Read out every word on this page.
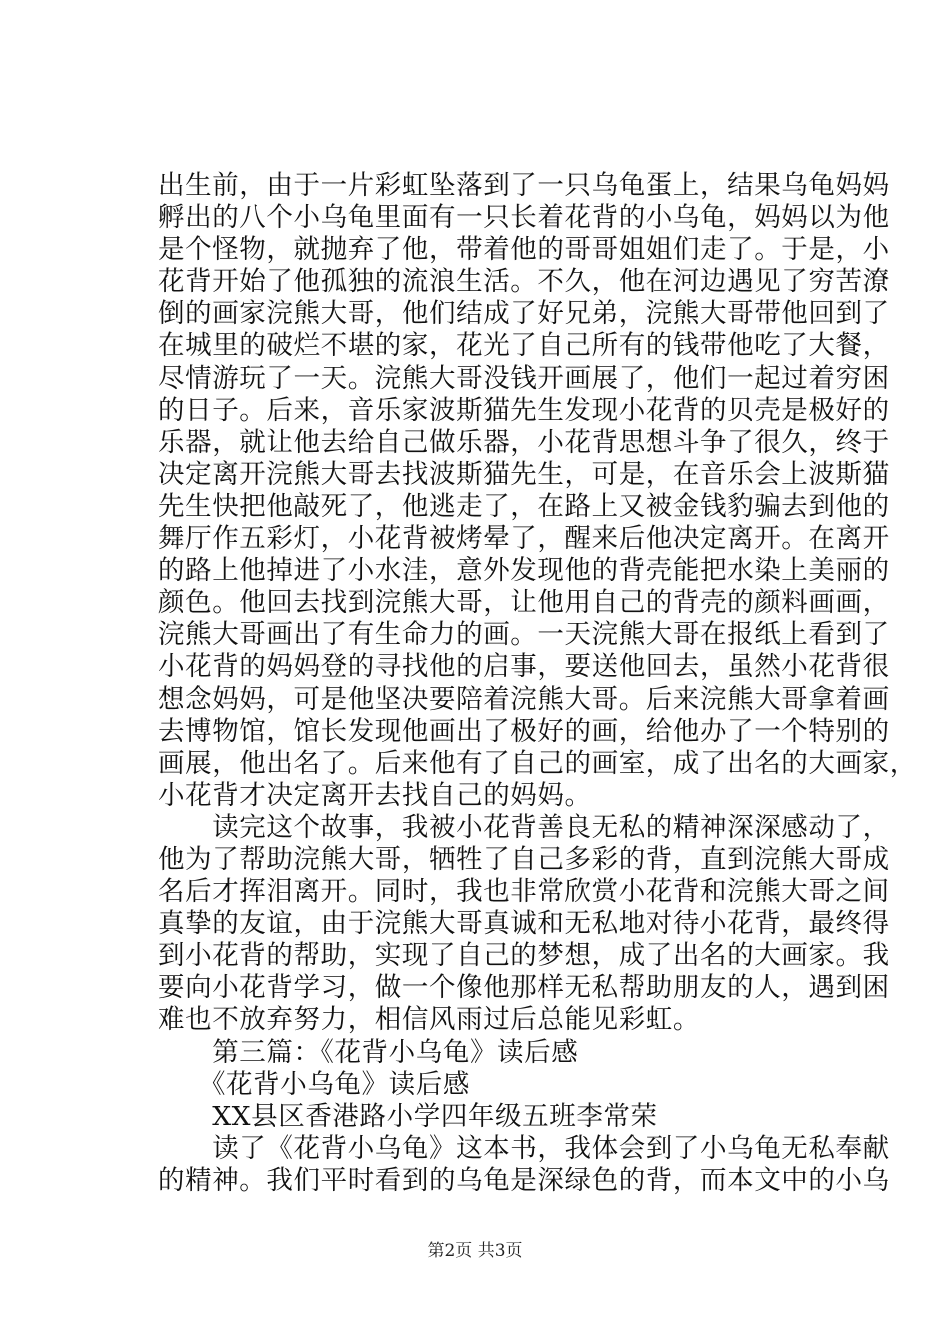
出生前，由于一片彩虹坠落到了一只乌龟蛋上，结果乌龟妈妈
孵出的八个小乌龟里面有一只长着花背的小乌龟，妈妈以为他
是个怪物，就抛弃了他，带着他的哥哥姐姐们走了。于是，小
花背开始了他孤独的流浪生活。不久，他在河边遇见了穷苦潦
倒的画家浣熊大哥，他们结成了好兄弟，浣熊大哥带他回到了
在城里的破烂不堪的家，花光了自己所有的钱带他吃了大餐，
尽情游玩了一天。浣熊大哥没钱开画展了，他们一起过着穷困
的日子。后来，音乐家波斯猫先生发现小花背的贝壳是极好的
乐器，就让他去给自己做乐器，小花背思想斗争了很久，终于
决定离开浣熊大哥去找波斯猫先生，可是，在音乐会上波斯猫
先生快把他敲死了，他逃走了，在路上又被金钱豹骗去到他的
舞厅作五彩灯，小花背被烤晕了，醒来后他决定离开。在离开
的路上他掉进了小水洼，意外发现他的背壳能把水染上美丽的
颜色。他回去找到浣熊大哥，让他用自己的背壳的颜料画画，
浣熊大哥画出了有生命力的画。一天浣熊大哥在报纸上看到了
小花背的妈妈登的寻找他的启事，要送他回去，虽然小花背很
想念妈妈，可是他坚决要陪着浣熊大哥。后来浣熊大哥拿着画
去博物馆，馆长发现他画出了极好的画，给他办了一个特别的
画展，他出名了。后来他有了自己的画室，成了出名的大画家，
小花背才决定离开去找自己的妈妈。
　　读完这个故事，我被小花背善良无私的精神深深感动了，
他为了帮助浣熊大哥，牺牲了自己多彩的背，直到浣熊大哥成
名后才挥泪离开。同时，我也非常欣赏小花背和浣熊大哥之间
真挚的友谊，由于浣熊大哥真诚和无私地对待小花背，最终得
到小花背的帮助，实现了自己的梦想，成了出名的大画家。我
要向小花背学习，做一个像他那样无私帮助朋友的人，遇到困
难也不放弃努力，相信风雨过后总能见彩虹。
　　第三篇：《花背小乌龟》读后感
　　《花背小乌龟》读后感
　　XX县区香港路小学四年级五班李常荣
　　读了《花背小乌龟》这本书，我体会到了小乌龟无私奉献
的精神。我们平时看到的乌龟是深绿色的背，而本文中的小乌
第2页 共3页
